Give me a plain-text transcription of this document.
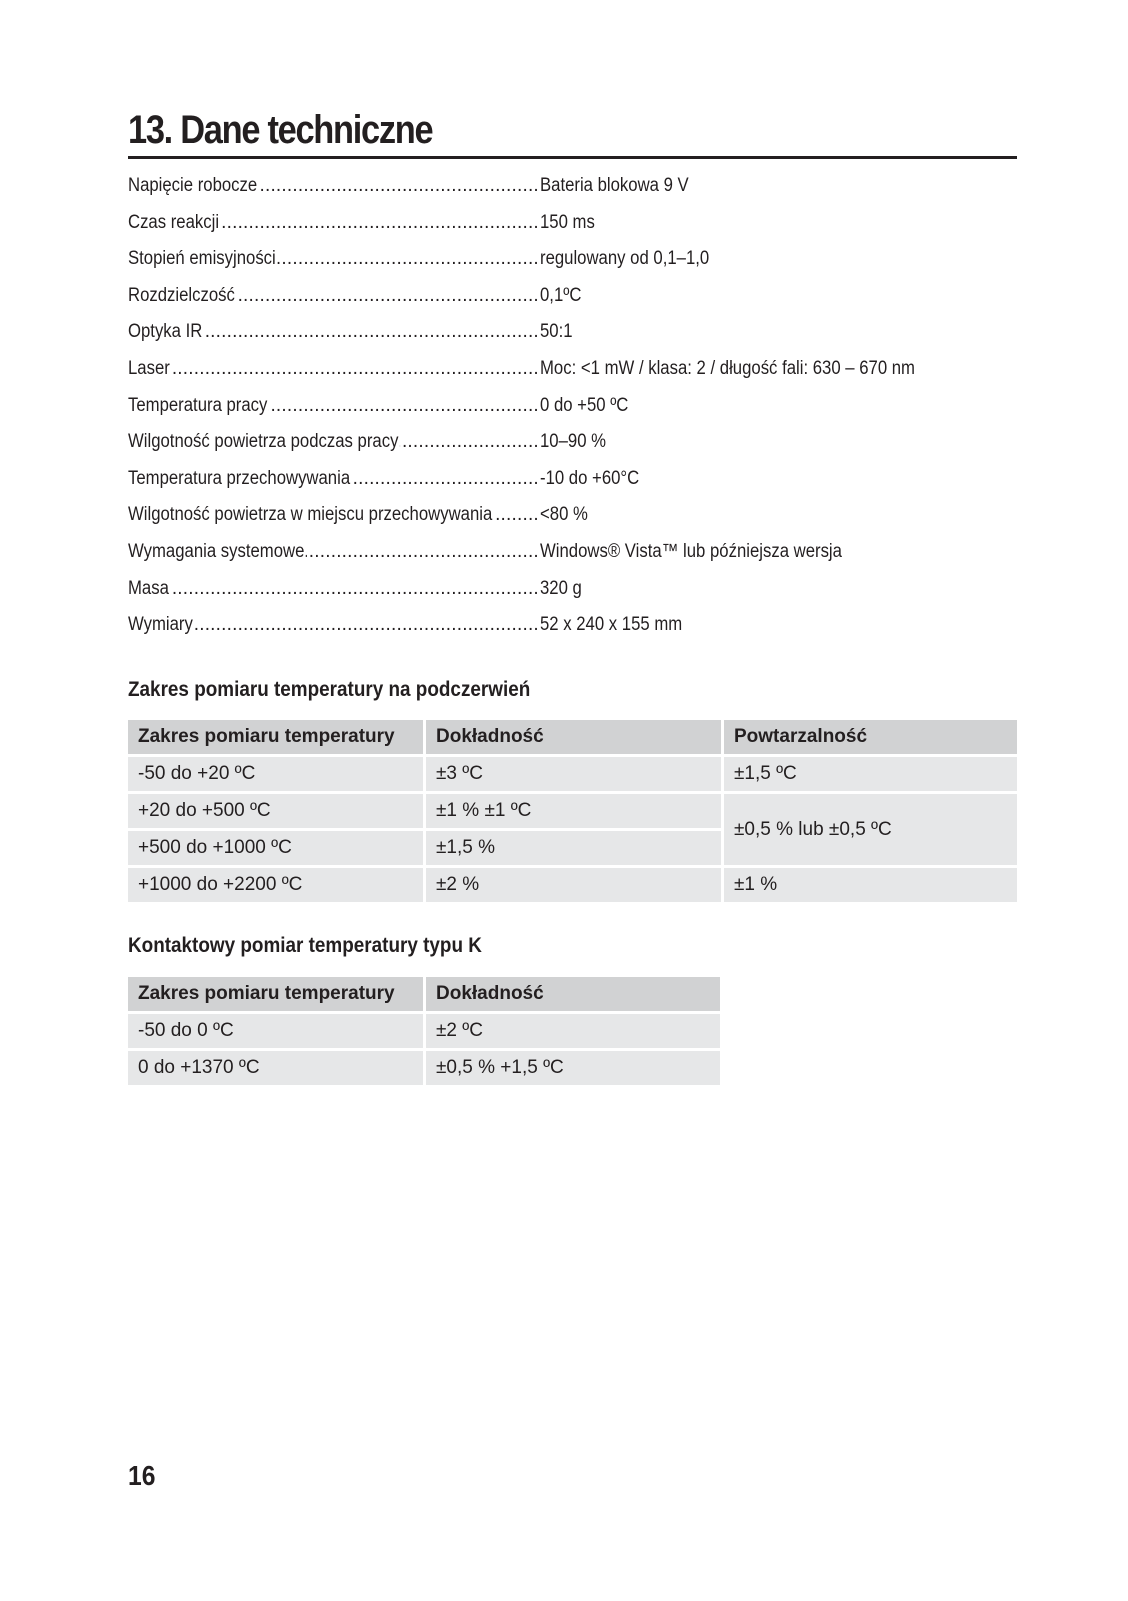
13. Dane techniczne
Napięcie robocze .....	Bateria blokowa 9 V
Czas reakcji .....	150 ms
Stopień emisyjności .....	regulowany od 0,1–1,0
Rozdzielczość .....	0,1ºC
Optyka IR .....	50:1
Laser .....	Moc: <1 mW / klasa: 2 / długość fali: 630 – 670 nm
Temperatura pracy .....	0 do +50 ºC
Wilgotność powietrza podczas pracy .....	10–90 %
Temperatura przechowywania .....	-10 do +60°C
Wilgotność powietrza w miejscu przechowywania .....	<80 %
Wymagania systemowe .....	Windows® Vista™ lub późniejsza wersja
Masa .....	320 g
Wymiary .....	52 x 240 x 155 mm
Zakres pomiaru temperatury na podczerwień
Zakres pomiaru temperatury	Dokładność	Powtarzalność
-50 do +20 ºC	±3 ºC	±1,5 ºC
+20 do +500 ºC	±1 % ±1 ºC	±0,5 % lub ±0,5 ºC
+500 do +1000 ºC	±1,5 %	
+1000 do +2200 ºC	±2 %	±1 %
Kontaktowy pomiar temperatury typu K
Zakres pomiaru temperatury	Dokładność
-50 do 0 ºC	±2 ºC
0 do +1370 ºC	±0,5 % +1,5 ºC
16
